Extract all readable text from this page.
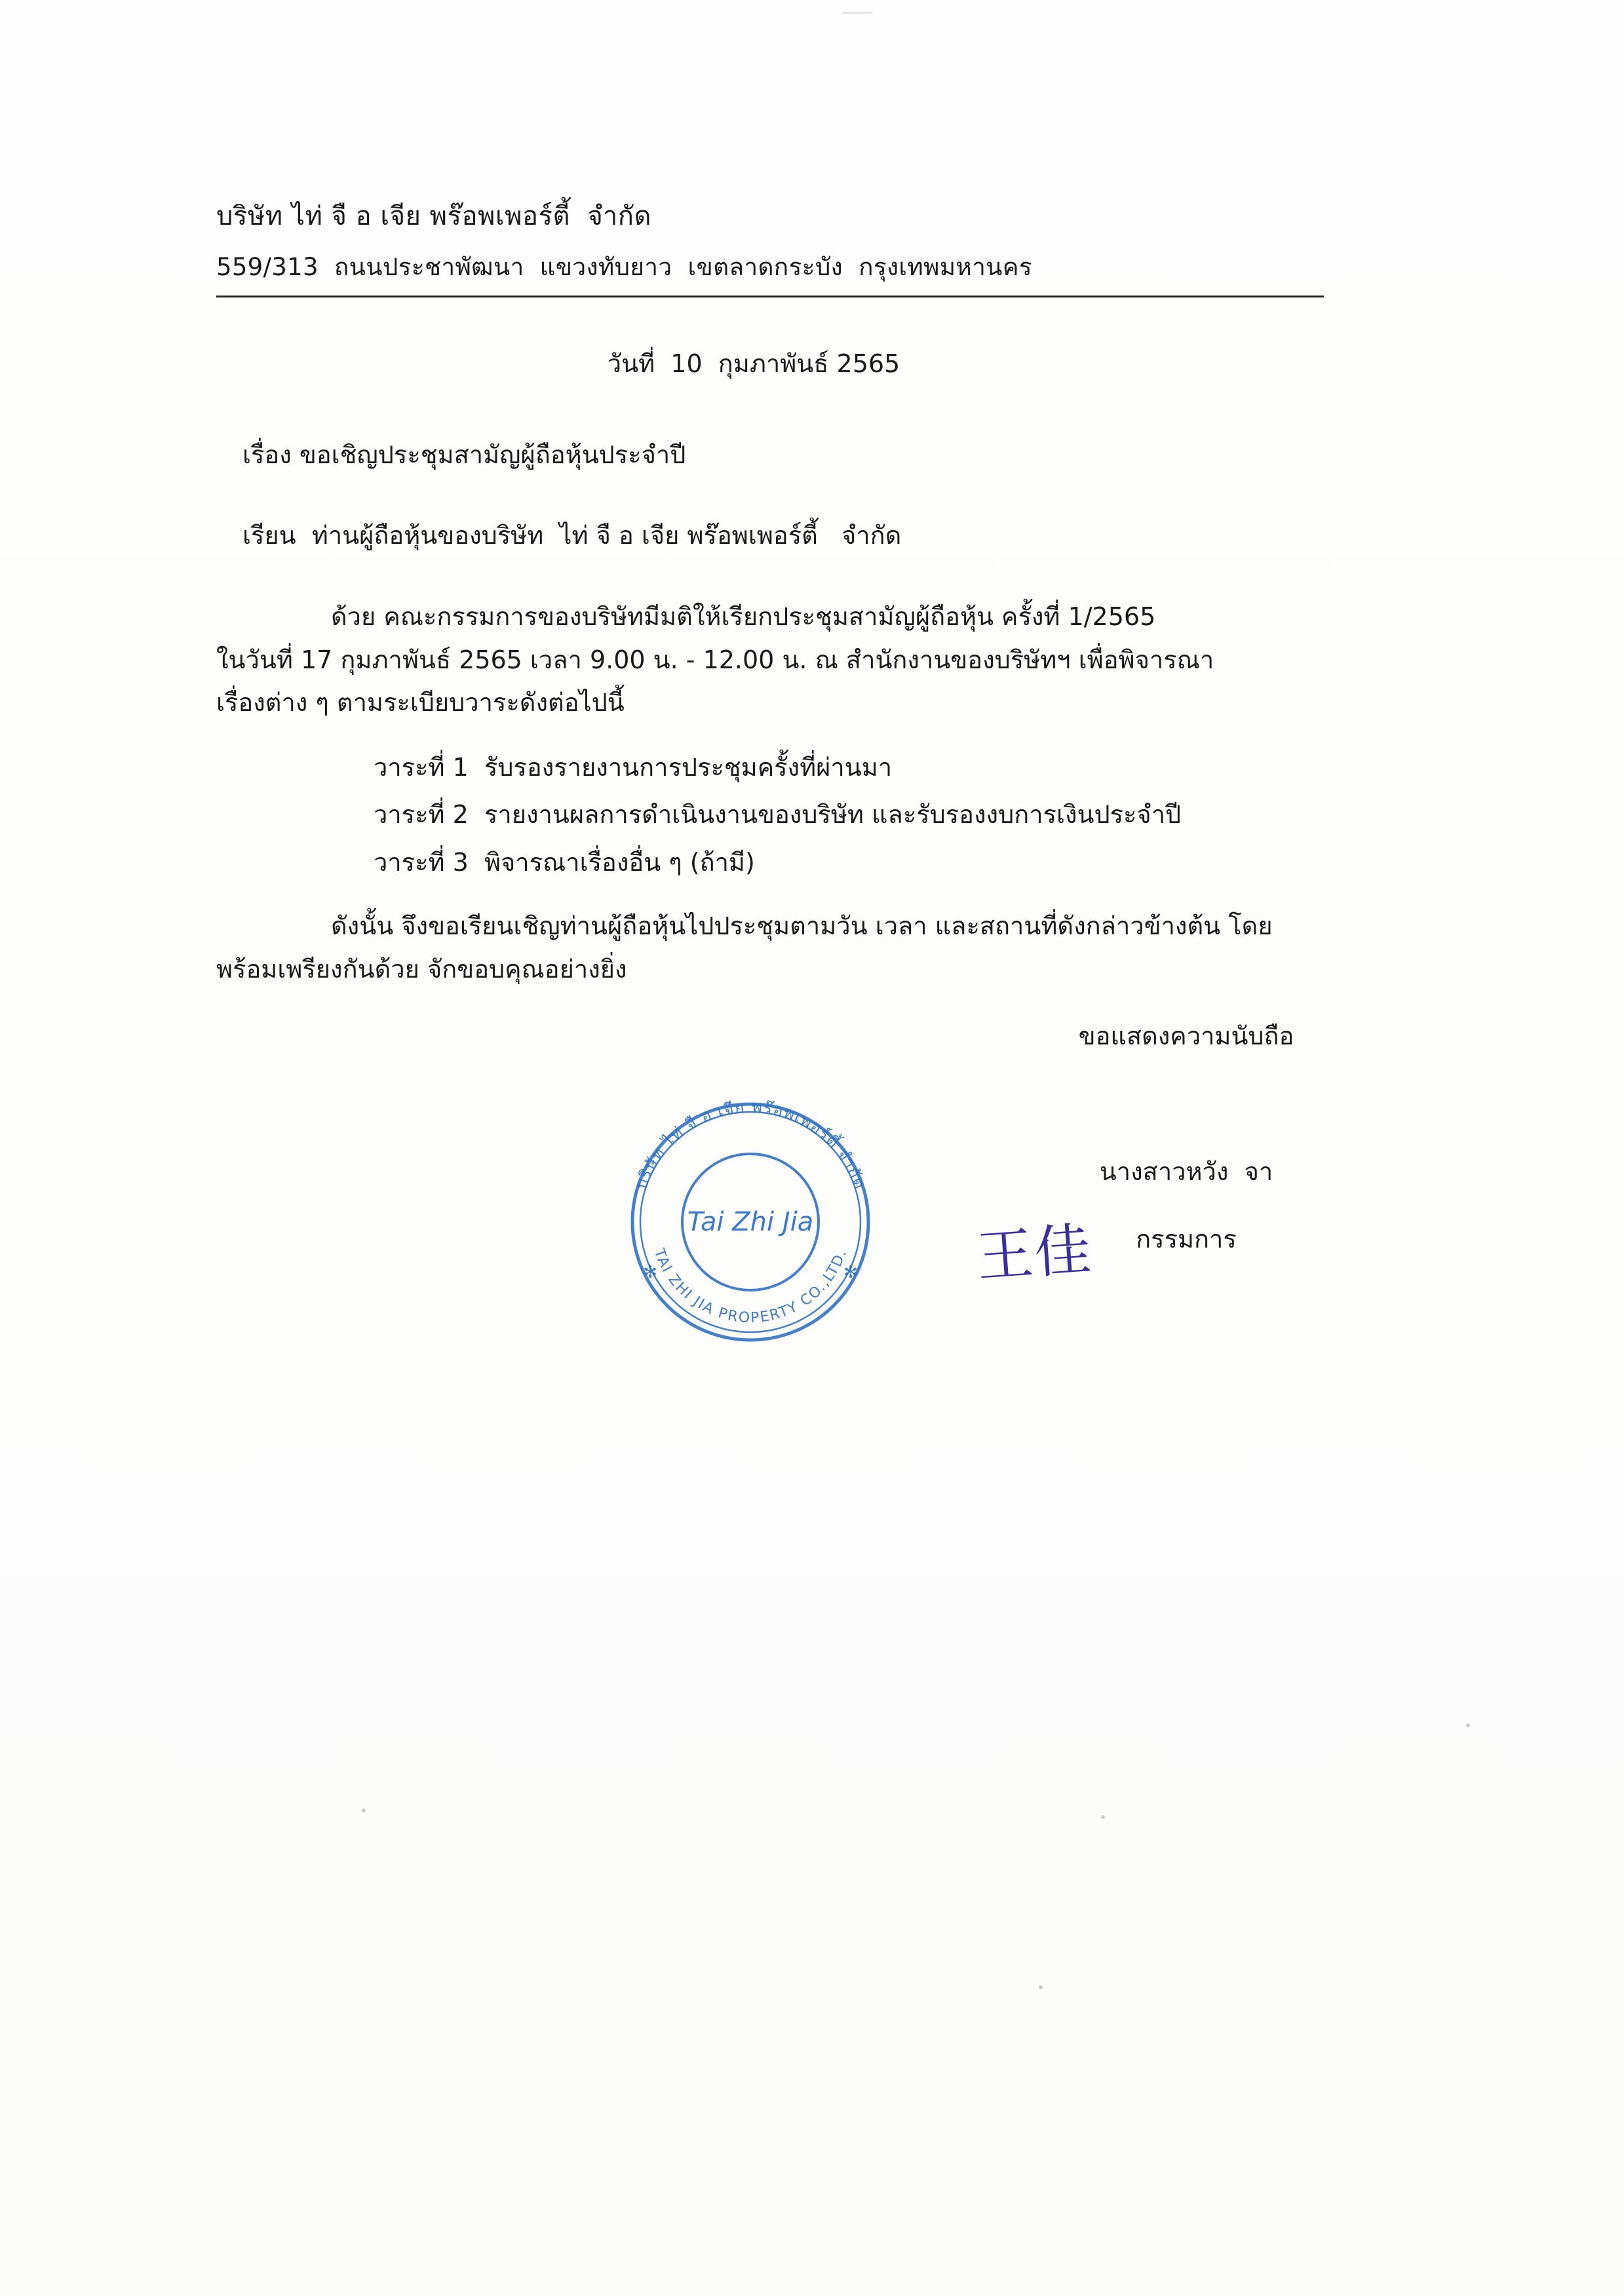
บริษัท ไท่ จื อ เจีย พร๊อพเพอร์ตี้  จำกัด
559/313  ถนนประชาพัฒนา  แขวงทับยาว  เขตลาดกระบัง  กรุงเทพมหานคร
วันที่  10  กุมภาพันธ์ 2565
เรื่อง ขอเชิญประชุมสามัญผู้ถือหุ้นประจำปี
เรียน  ท่านผู้ถือหุ้นของบริษัท  ไท่ จื อ เจีย พร๊อพเพอร์ตี้   จำกัด
ด้วย คณะกรรมการของบริษัทมีมติให้เรียกประชุมสามัญผู้ถือหุ้น ครั้งที่ 1/2565
ในวันที่ 17 กุมภาพันธ์ 2565 เวลา 9.00 น. - 12.00 น. ณ สำนักงานของบริษัทฯ เพื่อพิจารณา
เรื่องต่าง ๆ ตามระเบียบวาระดังต่อไปนี้
วาระที่ 1  รับรองรายงานการประชุมครั้งที่ผ่านมา
วาระที่ 2  รายงานผลการดำเนินงานของบริษัท และรับรองงบการเงินประจำปี
วาระที่ 3  พิจารณาเรื่องอื่น ๆ (ถ้ามี)
ดังนั้น จึงขอเรียนเชิญท่านผู้ถือหุ้นไปประชุมตามวัน เวลา และสถานที่ดังกล่าวข้างต้น โดย
พร้อมเพรียงกันด้วย จักขอบคุณอย่างยิ่ง
ขอแสดงความนับถือ
นางสาวหวัง  จา
กรรมการ
王佳
บริษัท ไท่ จื อ เจีย พร๊อพเพอร์ตี้ จำกัด
TAI ZHI JIA PROPERTY CO.,LTD.
Tai Zhi Jia
✻	✻
